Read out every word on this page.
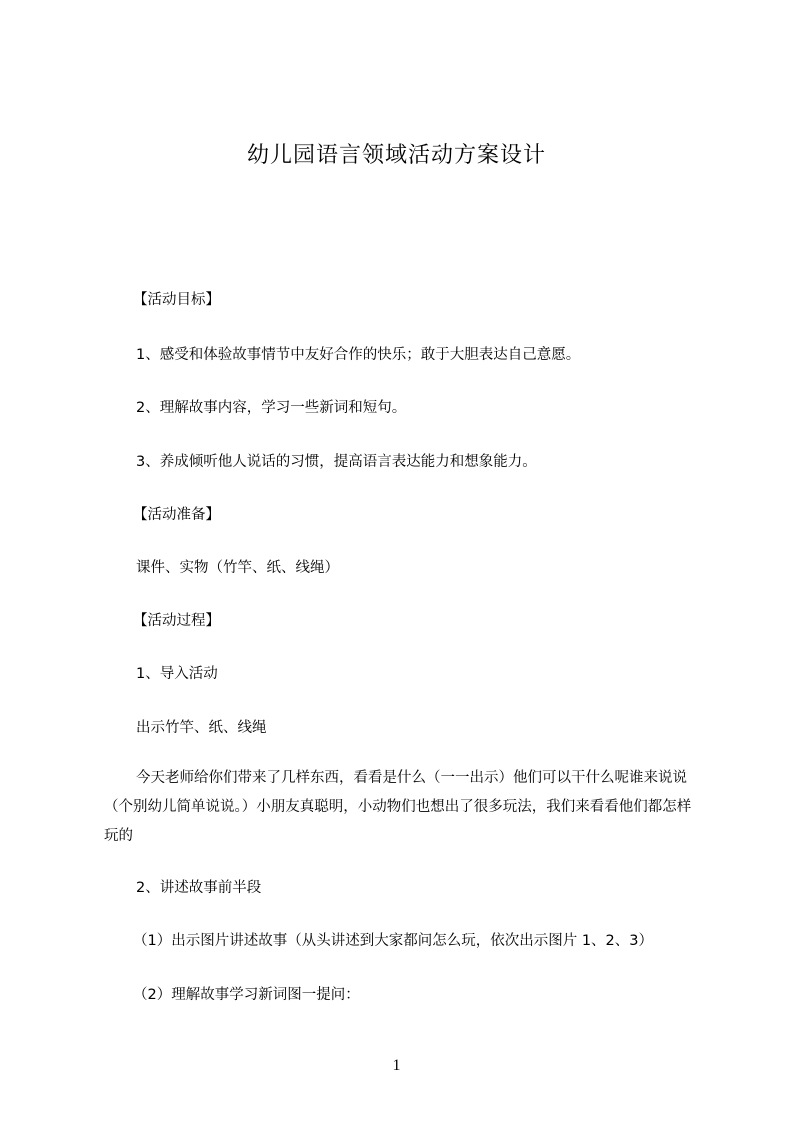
幼儿园语言领域活动方案设计
【活动目标】
1、感受和体验故事情节中友好合作的快乐；敢于大胆表达自己意愿。
2、理解故事内容，学习一些新词和短句。
3、养成倾听他人说话的习惯，提高语言表达能力和想象能力。
【活动准备】
课件、实物（竹竿、纸、线绳）
【活动过程】
1、导入活动
出示竹竿、纸、线绳
今天老师给你们带来了几样东西，看看是什么（一一出示）他们可以干什么呢谁来说说（个别幼儿简单说说。）小朋友真聪明，小动物们也想出了很多玩法，我们来看看他们都怎样玩的
2、讲述故事前半段
（1）出示图片讲述故事（从头讲述到大家都问怎么玩，依次出示图片 1、2、3）
（2）理解故事学习新词图一提问：
1
